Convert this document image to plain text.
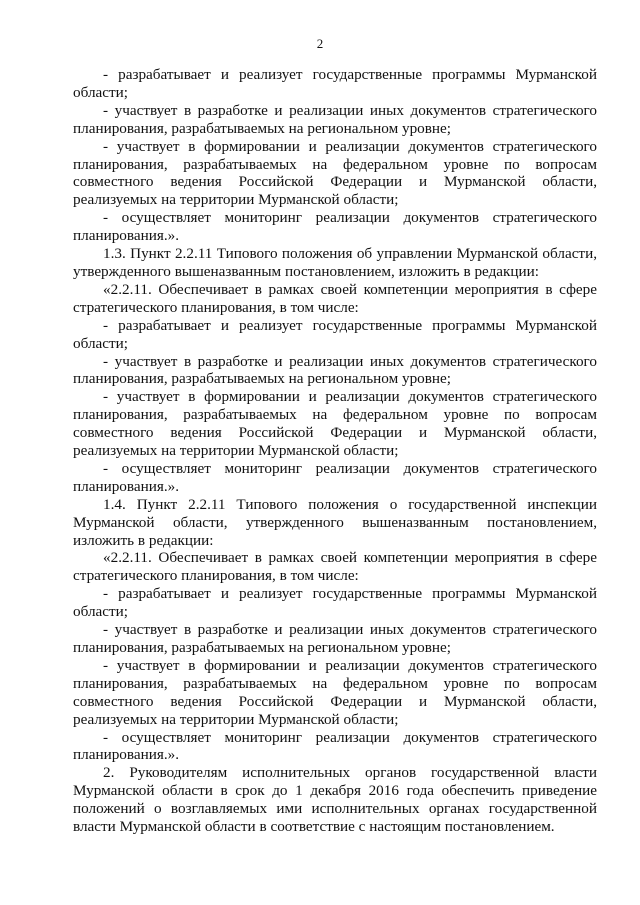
2

- разрабатывает и реализует государственные программы Мурманской области;

- участвует в разработке и реализации иных документов стратегического планирования, разрабатываемых на региональном уровне;

- участвует в формировании и реализации документов стратегического планирования, разрабатываемых на федеральном уровне по вопросам совместного ведения Российской Федерации и Мурманской области, реализуемых на территории Мурманской области;

- осуществляет мониторинг реализации документов стратегического планирования.».

1.3. Пункт 2.2.11 Типового положения об управлении Мурманской области, утвержденного вышеназванным постановлением, изложить в редакции:

«2.2.11. Обеспечивает в рамках своей компетенции мероприятия в сфере стратегического планирования, в том числе:

- разрабатывает и реализует государственные программы Мурманской области;

- участвует в разработке и реализации иных документов стратегического планирования, разрабатываемых на региональном уровне;

- участвует в формировании и реализации документов стратегического планирования, разрабатываемых на федеральном уровне по вопросам совместного ведения Российской Федерации и Мурманской области, реализуемых на территории Мурманской области;

- осуществляет мониторинг реализации документов стратегического планирования.».

1.4. Пункт 2.2.11 Типового положения о государственной инспекции Мурманской области, утвержденного вышеназванным постановлением, изложить в редакции:

«2.2.11. Обеспечивает в рамках своей компетенции мероприятия в сфере стратегического планирования, в том числе:

- разрабатывает и реализует государственные программы Мурманской области;

- участвует в разработке и реализации иных документов стратегического планирования, разрабатываемых на региональном уровне;

- участвует в формировании и реализации документов стратегического планирования, разрабатываемых на федеральном уровне по вопросам совместного ведения Российской Федерации и Мурманской области, реализуемых на территории Мурманской области;

- осуществляет мониторинг реализации документов стратегического планирования.».

2. Руководителям исполнительных органов государственной власти Мурманской области в срок до 1 декабря 2016 года обеспечить приведение положений о возглавляемых ими исполнительных органах государственной власти Мурманской области в соответствие с настоящим постановлением.
